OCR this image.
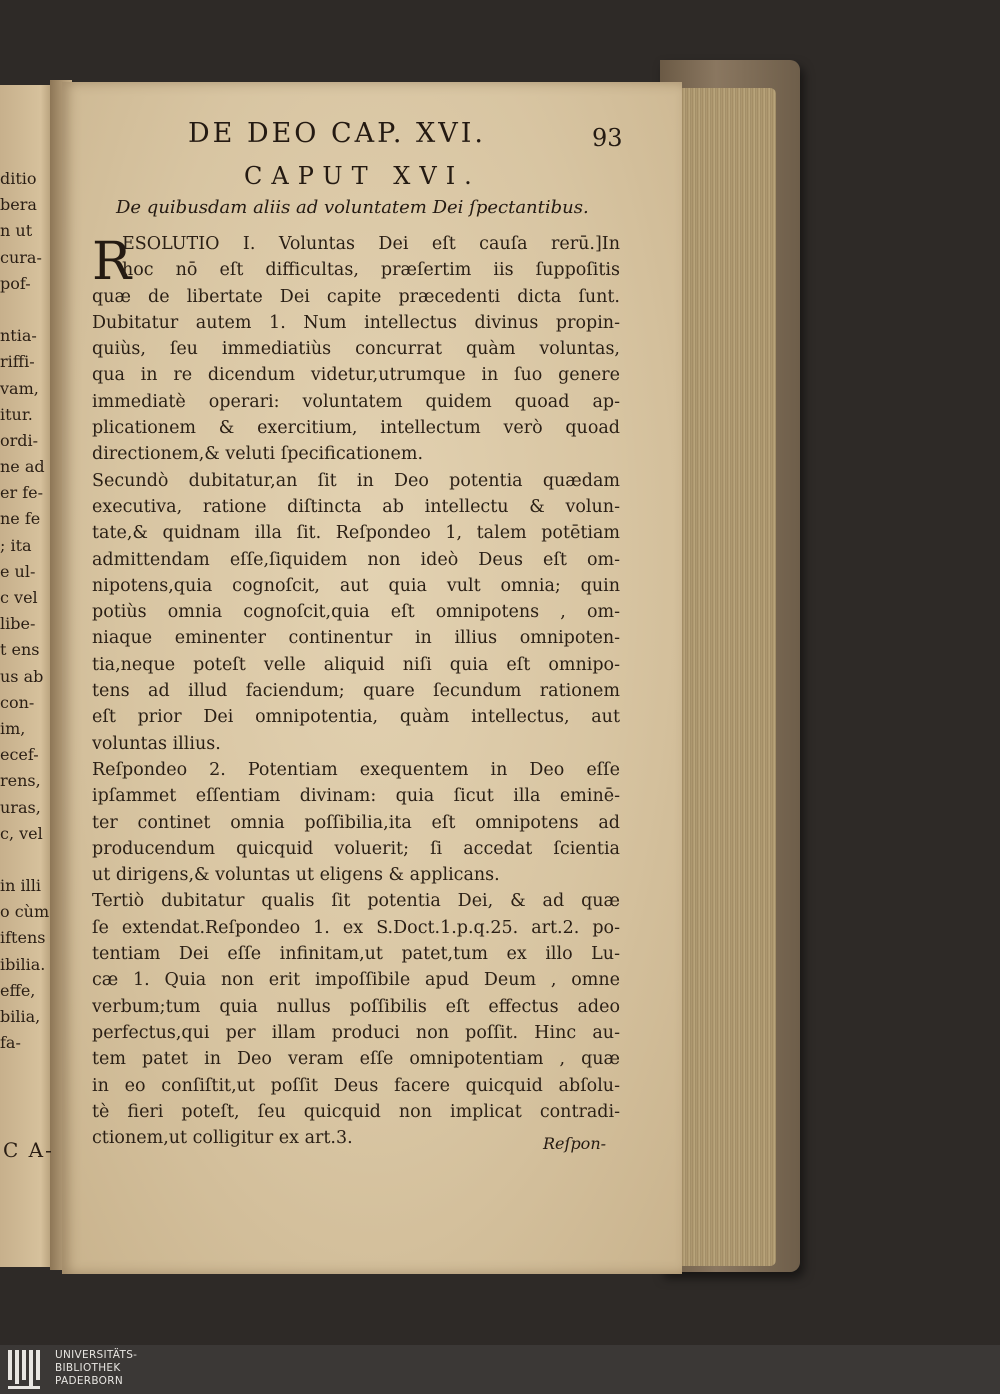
ditio
bera
n ut
cura-
pof-
ntia-
riffi-
vam,
itur.
ordi-
ne ad
er fe-
ne fe
; ita
e ul-
c vel
libe-
t ens
us ab
con-
im,
ecef-
rens,
uras,
c, vel
in illi
o cùm
iftens
ibilia.
effe,
bilia,
fa-
C A-
DE DEO CAP. XVI.	93
CAPUT XVI.
De quibusdam aliis ad voluntatem Dei ſpectantibus.
R
ESOLUTIO I. Voluntas Dei eſt cauſa rerū.]In
hoc nō eſt difficultas, præſertim iis ſuppoſitis
quæ de libertate Dei capite præcedenti dicta ſunt.
Dubitatur autem 1. Num intellectus divinus propin-
quiùs, ſeu immediatiùs concurrat quàm voluntas,
qua in re dicendum videtur,utrumque in ſuo genere
immediatè operari: voluntatem quidem quoad ap-
plicationem & exercitium, intellectum verò quoad
directionem,& veluti ſpecificationem.
Secundò dubitatur,an ſit in Deo potentia quædam
executiva, ratione diſtincta ab intellectu & volun-
tate,& quidnam illa ſit. Reſpondeo 1, talem potētiam
admittendam eſſe,ſiquidem non ideò Deus eſt om-
nipotens,quia cognoſcit, aut quia vult omnia; quin
potiùs omnia cognoſcit,quia eſt omnipotens , om-
niaque eminenter continentur in illius omnipoten-
tia,neque poteſt velle aliquid niſi quia eſt omnipo-
tens ad illud faciendum; quare ſecundum rationem
eſt prior Dei omnipotentia, quàm intellectus, aut
voluntas illius.
Reſpondeo 2. Potentiam exequentem in Deo eſſe
ipſammet eſſentiam divinam: quia ſicut illa eminē-
ter continet omnia poſſibilia,ita eſt omnipotens ad
producendum quicquid voluerit; ſi accedat ſcientia
ut dirigens,& voluntas ut eligens & applicans.
Tertiò dubitatur qualis ſit potentia Dei, & ad quæ
ſe extendat.Reſpondeo 1. ex S.Doct.1.p.q.25. art.2. po-
tentiam Dei eſſe infinitam,ut patet,tum ex illo Lu-
cæ 1. Quia non erit impoſſibile apud Deum , omne
verbum;tum quia nullus poſſibilis eſt effectus adeo
perfectus,qui per illam produci non poſſit. Hinc au-
tem patet in Deo veram eſſe omnipotentiam , quæ
in eo conſiſtit,ut poſſit Deus facere quicquid abſolu-
tè fieri poteſt, ſeu quicquid non implicat contradi-
ctionem,ut colligitur ex art.3.	Reſpon-
UNIVERSITÄTS-
BIBLIOTHEK
PADERBORN
